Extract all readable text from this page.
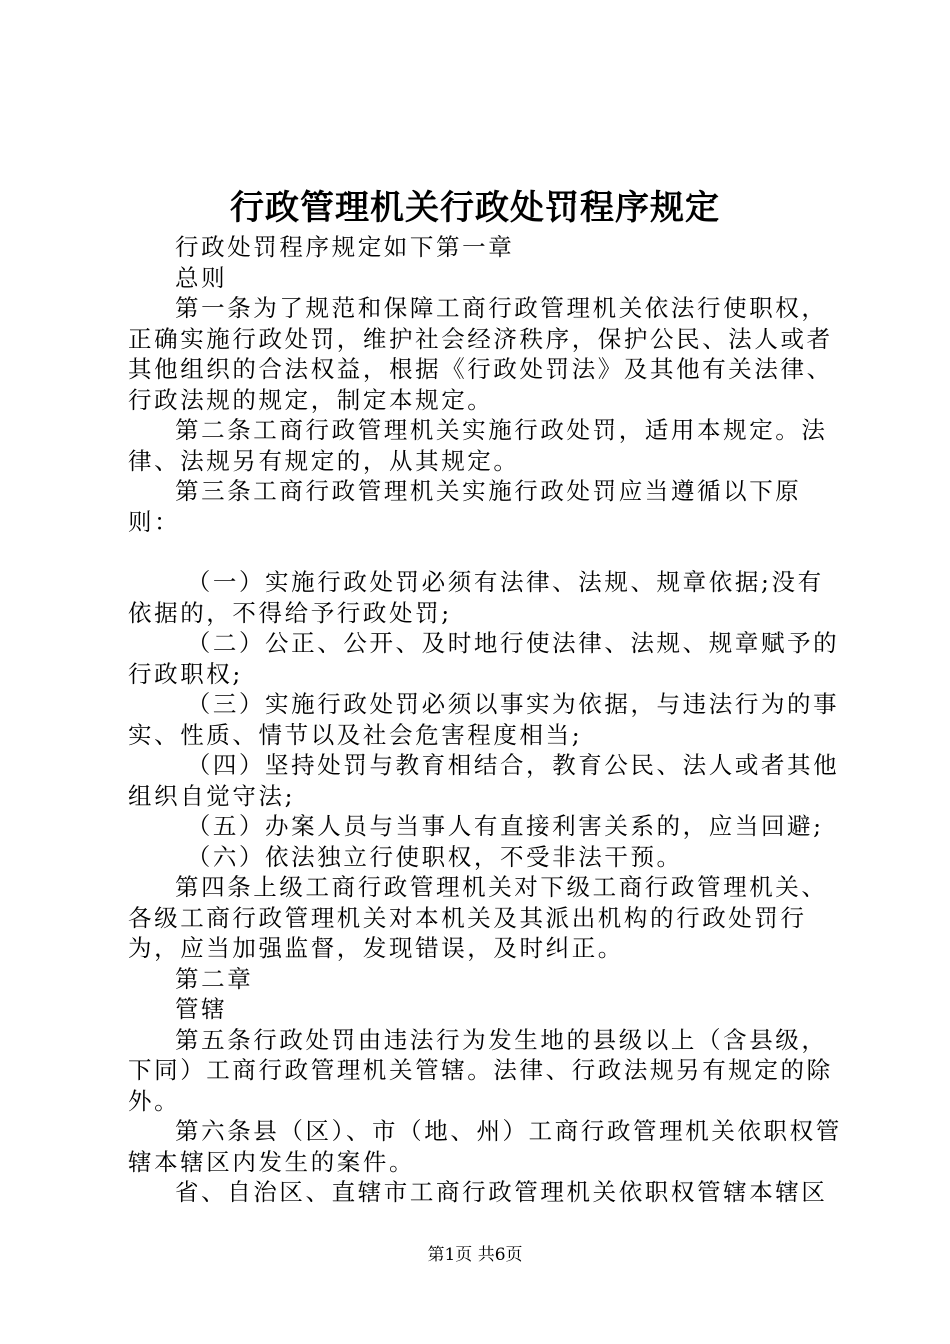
行政管理机关行政处罚程序规定

行政处罚程序规定如下第一章

总则

第一条为了规范和保障工商行政管理机关依法行使职权，正确实施行政处罚，维护社会经济秩序，保护公民、法人或者其他组织的合法权益，根据《行政处罚法》及其他有关法律、行政法规的规定，制定本规定。

第二条工商行政管理机关实施行政处罚，适用本规定。法律、法规另有规定的，从其规定。

第三条工商行政管理机关实施行政处罚应当遵循以下原则：

（一）实施行政处罚必须有法律、法规、规章依据;没有依据的，不得给予行政处罚;

（二）公正、公开、及时地行使法律、法规、规章赋予的行政职权;

（三）实施行政处罚必须以事实为依据，与违法行为的事实、性质、情节以及社会危害程度相当;

（四）坚持处罚与教育相结合，教育公民、法人或者其他组织自觉守法;

（五）办案人员与当事人有直接利害关系的，应当回避;

（六）依法独立行使职权，不受非法干预。

第四条上级工商行政管理机关对下级工商行政管理机关、各级工商行政管理机关对本机关及其派出机构的行政处罚行为，应当加强监督，发现错误，及时纠正。

第二章

管辖

第五条行政处罚由违法行为发生地的县级以上（含县级，下同）工商行政管理机关管辖。法律、行政法规另有规定的除外。

第六条县（区）、市（地、州）工商行政管理机关依职权管辖本辖区内发生的案件。

省、自治区、直辖市工商行政管理机关依职权管辖本辖区

第1页 共6页
